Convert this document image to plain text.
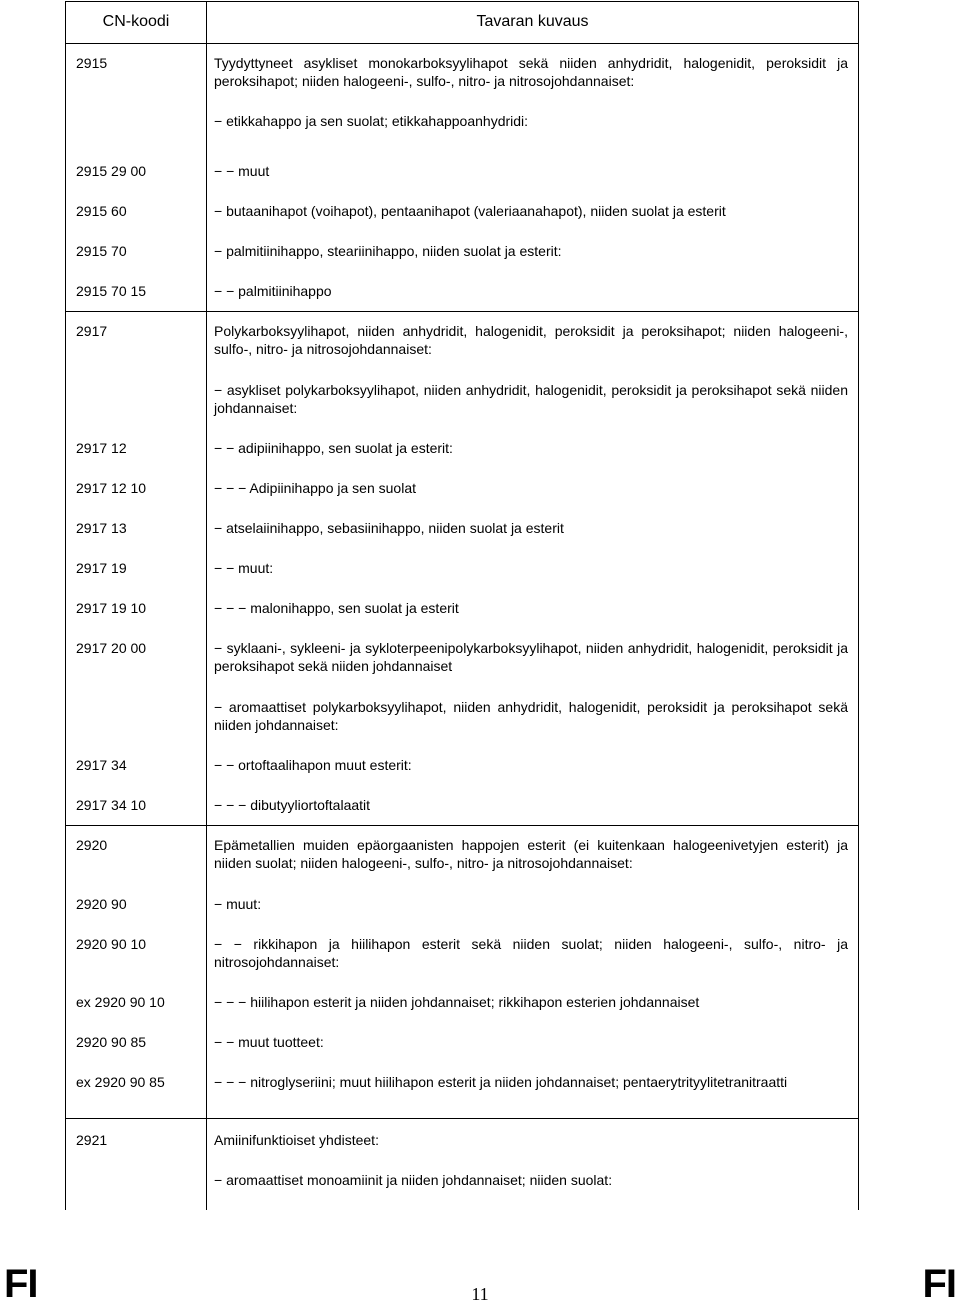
CN-koodi	Tavaran kuvaus
2915	Tyydyttyneet asykliset monokarboksyylihapot sekä niiden anhydridit, halogenidit, peroksidit ja peroksihapot; niiden halogeeni-, sulfo-, nitro- ja nitrosojohdannaiset:
− etikkahappo ja sen suolat; etikkahappoanhydridi:
2915 29 00	− − muut
2915 60	− butaanihapot (voihapot), pentaanihapot (valeriaanahapot), niiden suolat ja esterit
2915 70	− palmitiinihappo, steariinihappo, niiden suolat ja esterit:
2915 70 15	− − palmitiinihappo
2917	Polykarboksyylihapot, niiden anhydridit, halogenidit, peroksidit ja peroksihapot; niiden halogeeni-, sulfo-, nitro- ja nitrosojohdannaiset:
− asykliset polykarboksyylihapot, niiden anhydridit, halogenidit, peroksidit ja peroksihapot sekä niiden johdannaiset:
2917 12	− − adipiinihappo, sen suolat ja esterit:
2917 12 10	− − − Adipiinihappo ja sen suolat
2917 13	− atselaiinihappo, sebasiinihappo, niiden suolat ja esterit
2917 19	− − muut:
2917 19 10	− − − malonihappo, sen suolat ja esterit
2917 20 00	− syklaani-, sykleeni- ja sykloterpeenipolykarboksyylihapot, niiden anhydridit, halogenidit, peroksidit ja peroksihapot sekä niiden johdannaiset
− aromaattiset polykarboksyylihapot, niiden anhydridit, halogenidit, peroksidit ja peroksihapot sekä niiden johdannaiset:
2917 34	− − ortoftaalihapon muut esterit:
2917 34 10	− − − dibutyyliortoftalaatit
2920	Epämetallien muiden epäorgaanisten happojen esterit (ei kuitenkaan halogeenivetyjen esterit) ja niiden suolat; niiden halogeeni-, sulfo-, nitro- ja nitrosojohdannaiset:
2920 90	− muut:
2920 90 10	− − rikkihapon ja hiilihapon esterit sekä niiden suolat; niiden halogeeni-, sulfo-, nitro- ja nitrosojohdannaiset:
ex 2920 90 10	− − − hiilihapon esterit ja niiden johdannaiset; rikkihapon esterien johdannaiset
2920 90 85	− − muut tuotteet:
ex 2920 90 85	− − − nitroglyseriini; muut hiilihapon esterit ja niiden johdannaiset; pentaerytrityylitetranitraatti
2921	Amiinifunktioiset yhdisteet:
− aromaattiset monoamiinit ja niiden johdannaiset; niiden suolat:
FI	FI
11
